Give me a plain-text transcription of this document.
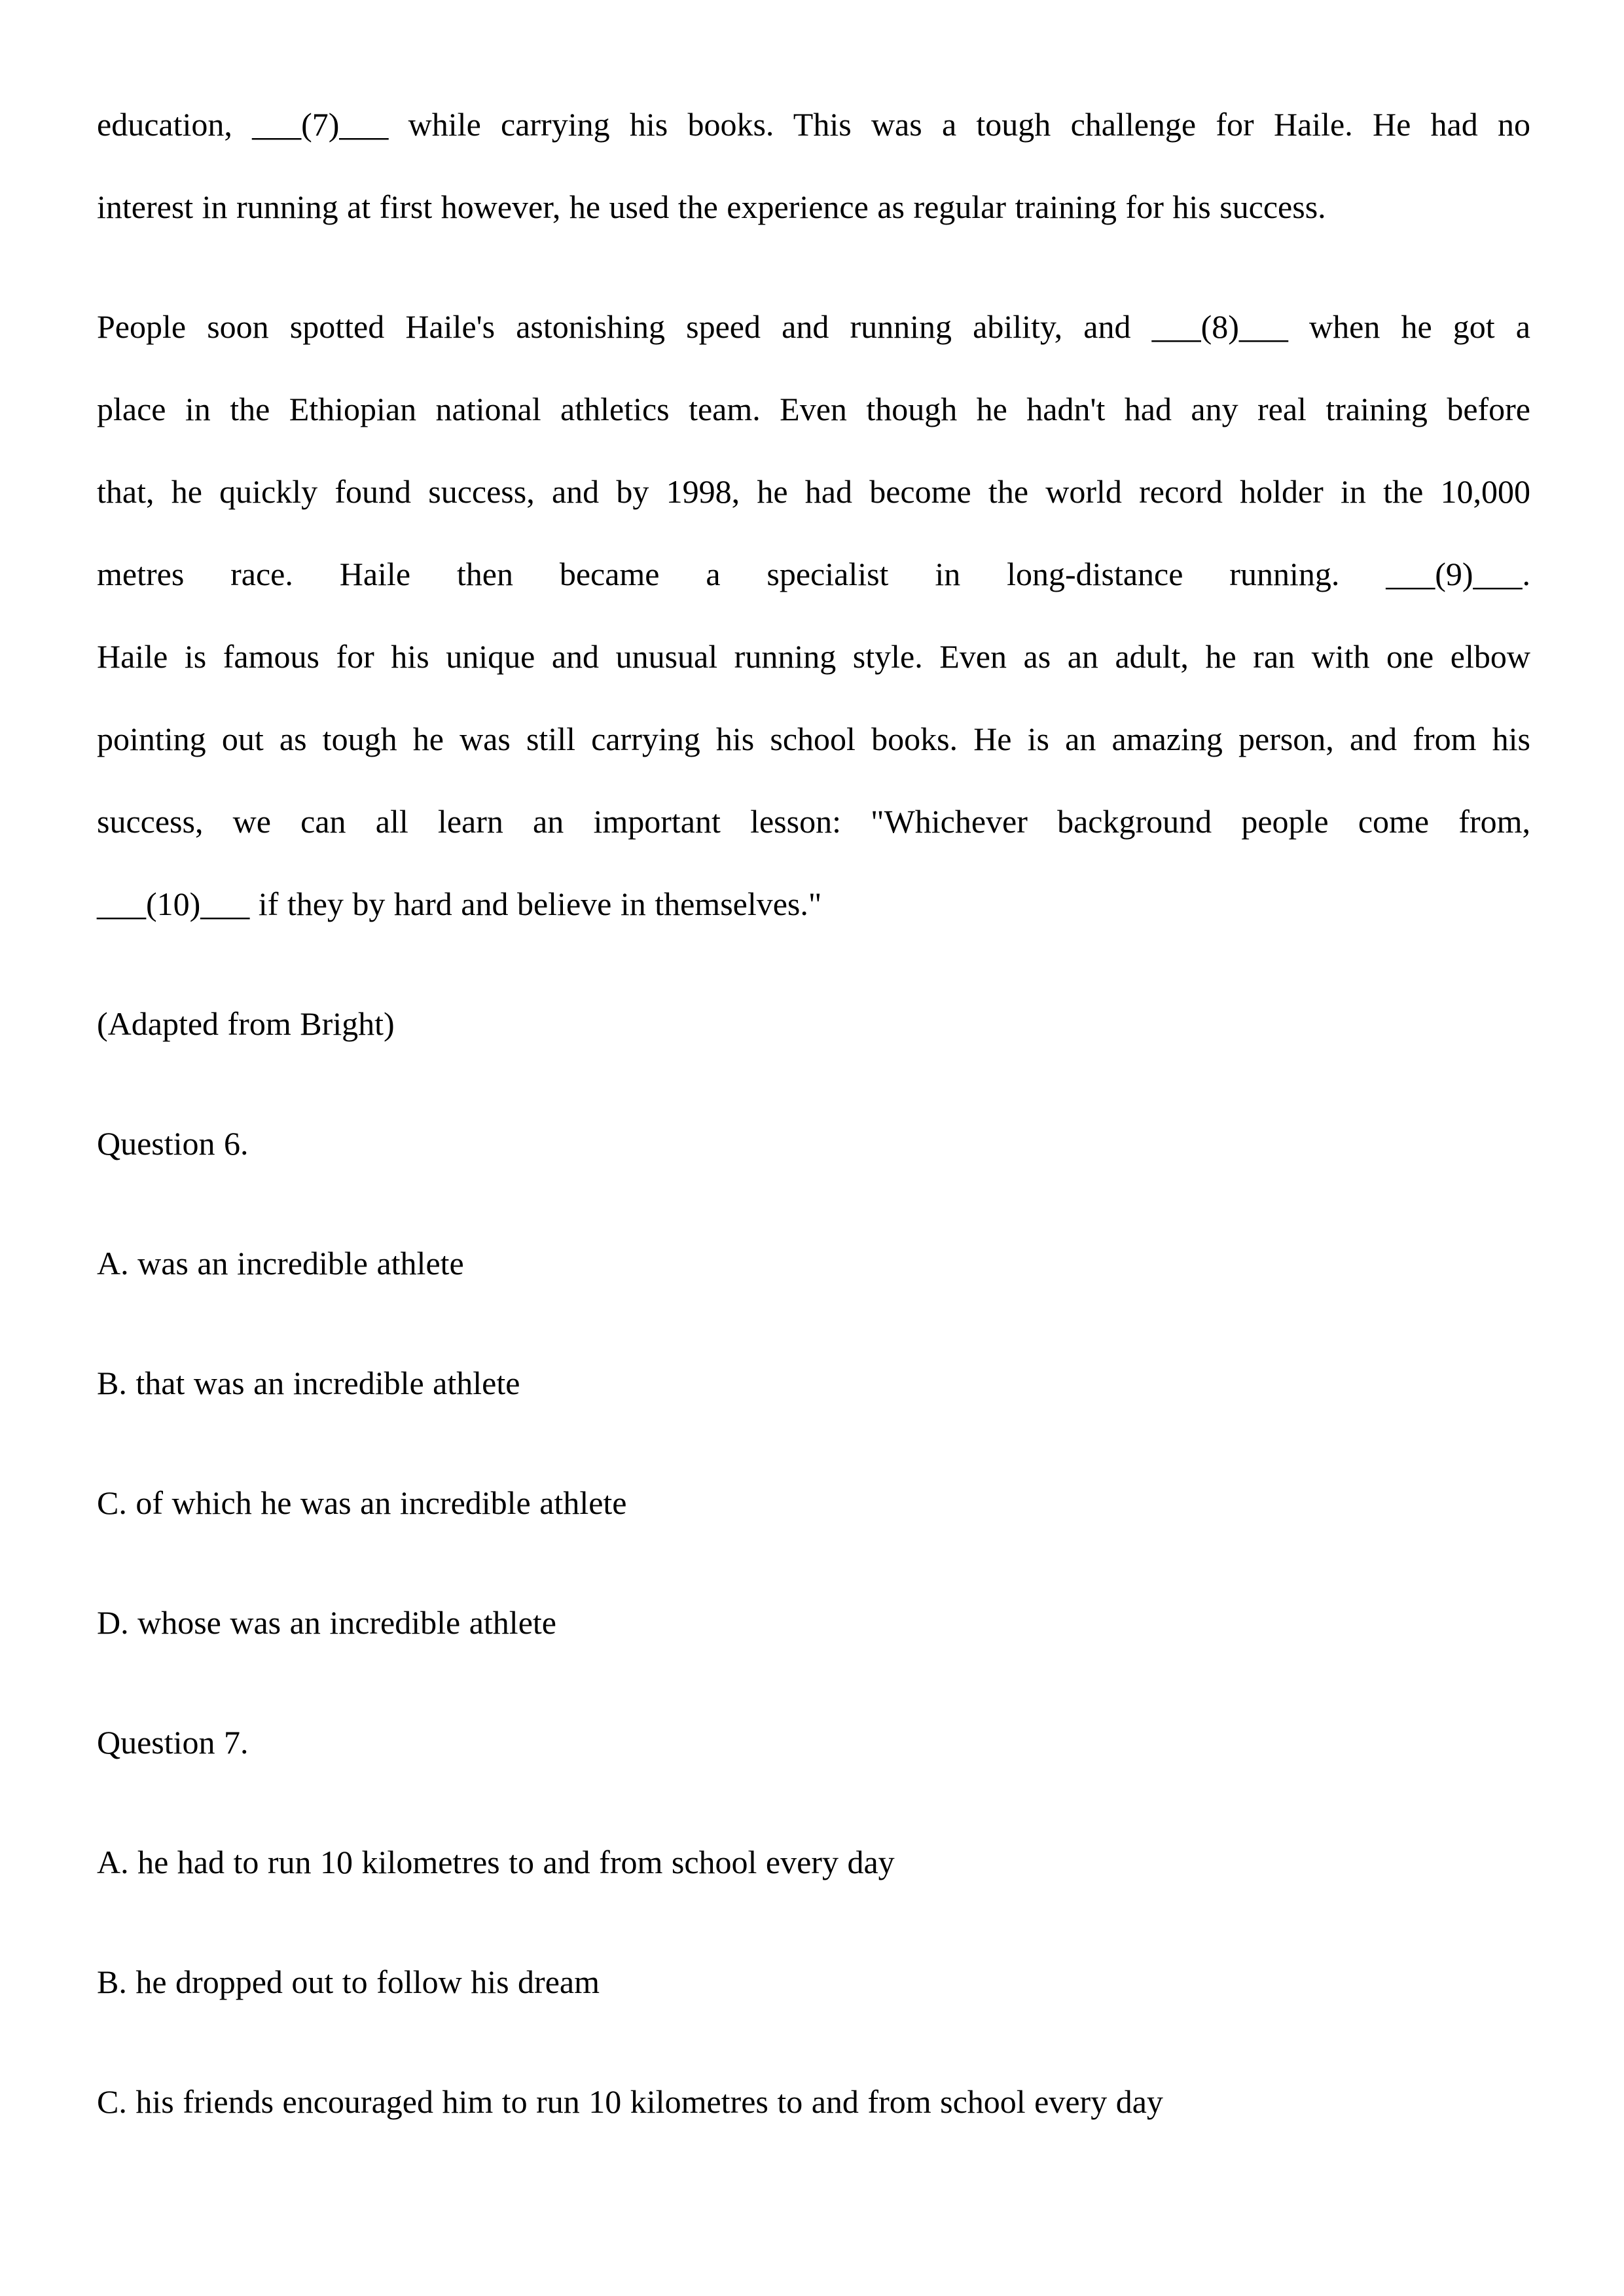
education, ___(7)___ while carrying his books. This was a tough challenge for Haile. He had no
interest in running at first however, he used the experience as regular training for his success.
People soon spotted Haile's astonishing speed and running ability, and ___(8)___ when he got a
place in the Ethiopian national athletics team. Even though he hadn't had any real training before
that, he quickly found success, and by 1998, he had become the world record holder in the 10,000
metres race. Haile then became a specialist in long-distance running. ___(9)___.
Haile is famous for his unique and unusual running style. Even as an adult, he ran with one elbow
pointing out as tough he was still carrying his school books. He is an amazing person, and from his
success, we can all learn an important lesson: "Whichever background people come from,
___(10)___ if they by hard and believe in themselves."
(Adapted from Bright)
Question 6.
A. was an incredible athlete
B. that was an incredible athlete
C. of which he was an incredible athlete
D. whose was an incredible athlete
Question 7.
A. he had to run 10 kilometres to and from school every day
B. he dropped out to follow his dream
C. his friends encouraged him to run 10 kilometres to and from school every day
